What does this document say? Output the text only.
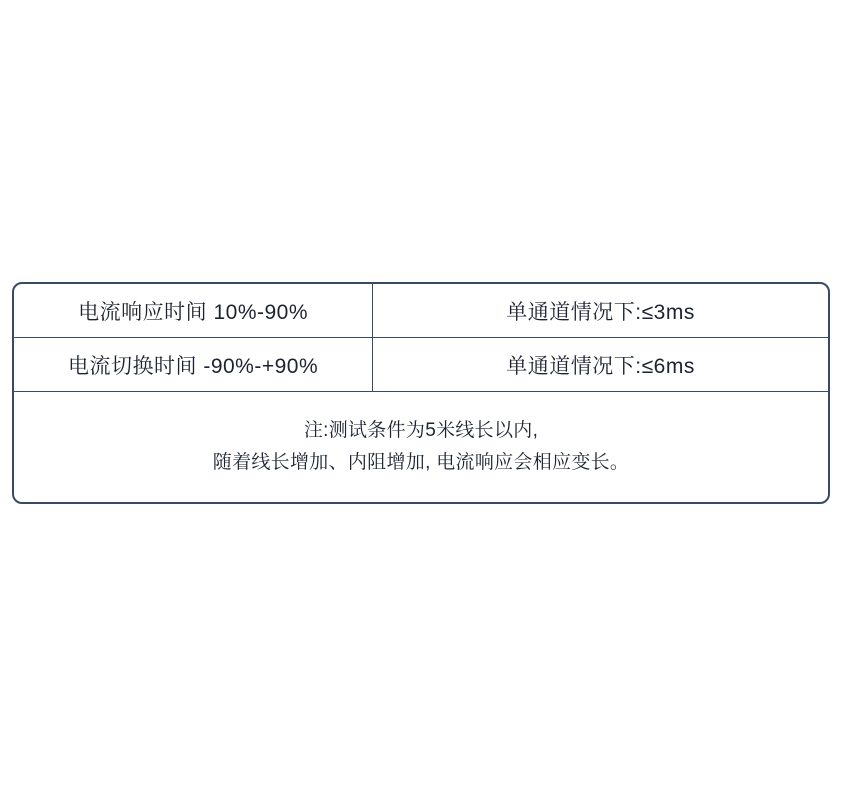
电流响应时间 10%-90%	单通道情况下:≤3ms
电流切换时间 -90%-+90%	单通道情况下:≤6ms

注:测试条件为5米线长以内,
随着线长增加、内阻增加, 电流响应会相应变长。	
